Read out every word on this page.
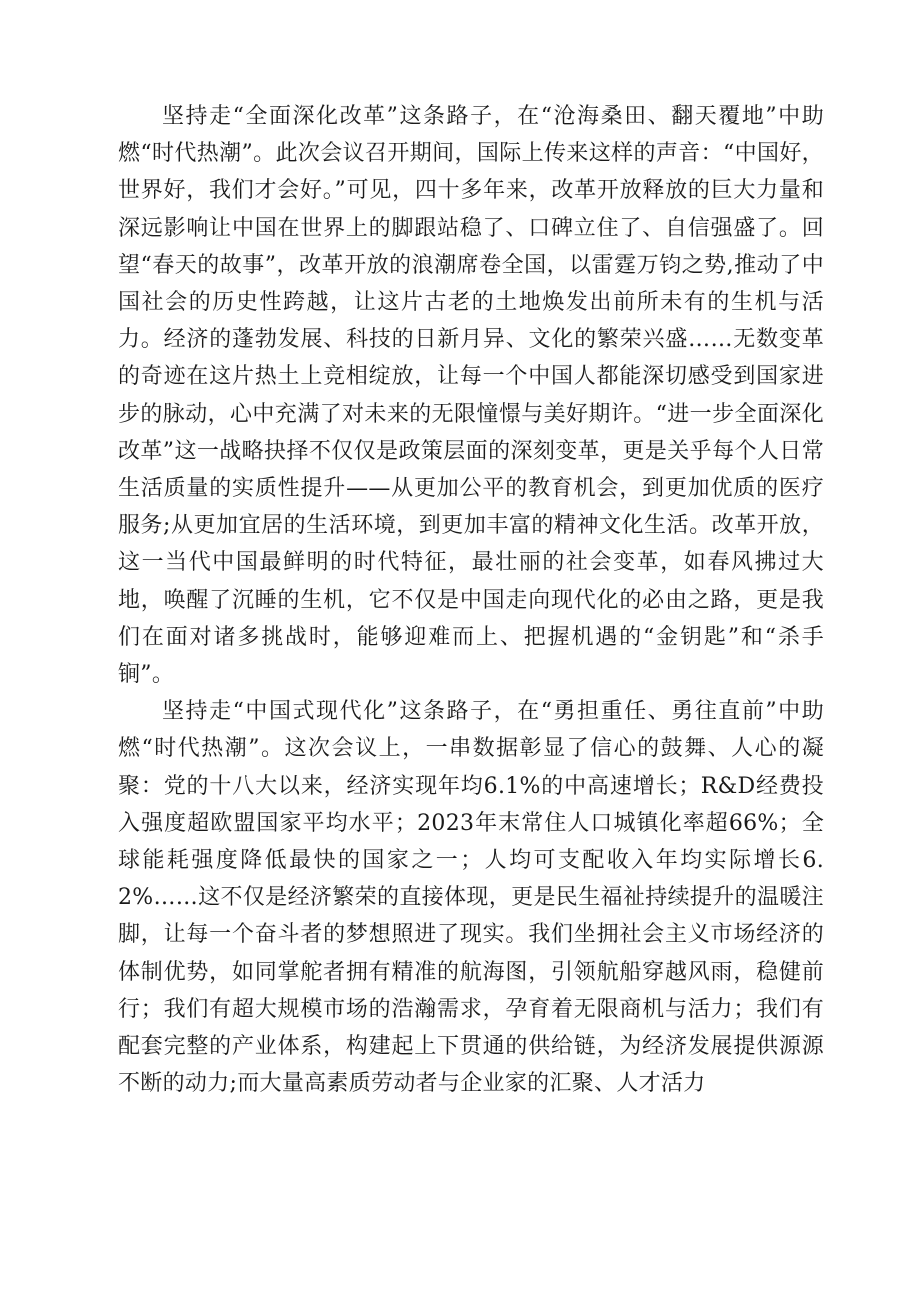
坚持走“全面深化改革”这条路子，在“沧海桑田、翻天覆地”中助燃“时代热潮”。此次会议召开期间，国际上传来这样的声音：“中国好，世界好，我们才会好。”可见，四十多年来，改革开放释放的巨大力量和深远影响让中国在世界上的脚跟站稳了、口碑立住了、自信强盛了。回望“春天的故事”，改革开放的浪潮席卷全国，以雷霆万钧之势,推动了中国社会的历史性跨越，让这片古老的土地焕发出前所未有的生机与活力。经济的蓬勃发展、科技的日新月异、文化的繁荣兴盛……无数变革的奇迹在这片热土上竞相绽放，让每一个中国人都能深切感受到国家进步的脉动，心中充满了对未来的无限憧憬与美好期许。“进一步全面深化改革”这一战略抉择不仅仅是政策层面的深刻变革，更是关乎每个人日常生活质量的实质性提升——从更加公平的教育机会，到更加优质的医疗服务;从更加宜居的生活环境，到更加丰富的精神文化生活。改革开放，这一当代中国最鲜明的时代特征，最壮丽的社会变革，如春风拂过大地，唤醒了沉睡的生机，它不仅是中国走向现代化的必由之路，更是我们在面对诸多挑战时，能够迎难而上、把握机遇的“金钥匙”和“杀手锏”。

坚持走“中国式现代化”这条路子，在“勇担重任、勇往直前”中助燃“时代热潮”。这次会议上，一串数据彰显了信心的鼓舞、人心的凝聚：党的十八大以来，经济实现年均6.1%的中高速增长；R&D经费投入强度超欧盟国家平均水平；2023年末常住人口城镇化率超66%；全球能耗强度降低最快的国家之一；人均可支配收入年均实际增长6.2%……这不仅是经济繁荣的直接体现，更是民生福祉持续提升的温暖注脚，让每一个奋斗者的梦想照进了现实。我们坐拥社会主义市场经济的体制优势，如同掌舵者拥有精准的航海图，引领航船穿越风雨，稳健前行；我们有超大规模市场的浩瀚需求，孕育着无限商机与活力；我们有配套完整的产业体系，构建起上下贯通的供给链，为经济发展提供源源不断的动力;而大量高素质劳动者与企业家的汇聚、人才活力
